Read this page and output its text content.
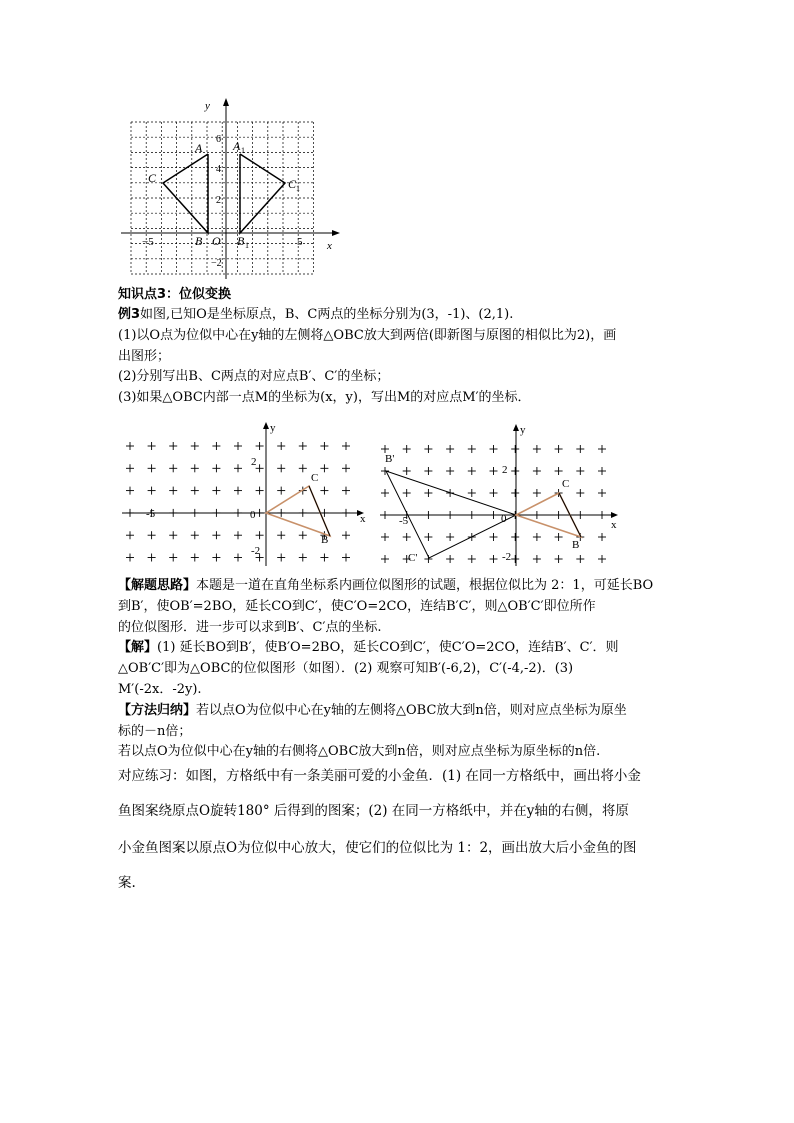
y
x
−5	5
6
4
2
−2
A
C
B O
A 1
C 1
B 1
知识点3：位似变换
例3如图,已知O是坐标原点，B、C两点的坐标分别为(3，-1)、(2,1).
(1)以O点为位似中心在y轴的左侧将△OBC放大到两倍(即新图与原图的相似比为2)，画
出图形；
(2)分别写出B、C两点的对应点B′、C′的坐标；
(3)如果△OBC内部一点M的坐标为(x，y)，写出M的对应点M′的坐标．
y
x
2
-2
-5	0
C
B
y
x
2
-2
-5	0
C
B
B'
C'
【解题思路】本题是一道在直角坐标系内画位似图形的试题，根据位似比为 2：1，可延长BO
到B′，使OB′=2BO，延长CO到C′，使C′O=2CO，连结B′C′，则△OB′C′即位所作
的位似图形．进一步可以求到B′、C′点的坐标.
【解】(1) 延长BO到B′，使B′O=2BO，延长CO到C′，使C′O=2CO，连结B′、C′．则
△OB′C′即为△OBC的位似图形（如图）．(2) 观察可知B′(-6,2)，C′(-4,-2)．(3)
M′(-2x．-2y).
【方法归纳】若以点O为位似中心在y轴的左侧将△OBC放大到n倍，则对应点坐标为原坐
标的－n倍；
若以点O为位似中心在y轴的右侧将△OBC放大到n倍，则对应点坐标为原坐标的n倍.
对应练习：如图，方格纸中有一条美丽可爱的小金鱼．(1) 在同一方格纸中，画出将小金
鱼图案绕原点O旋转180° 后得到的图案；(2) 在同一方格纸中，并在y轴的右侧，将原
小金鱼图案以原点O为位似中心放大，使它们的位似比为 1：2，画出放大后小金鱼的图
案.
